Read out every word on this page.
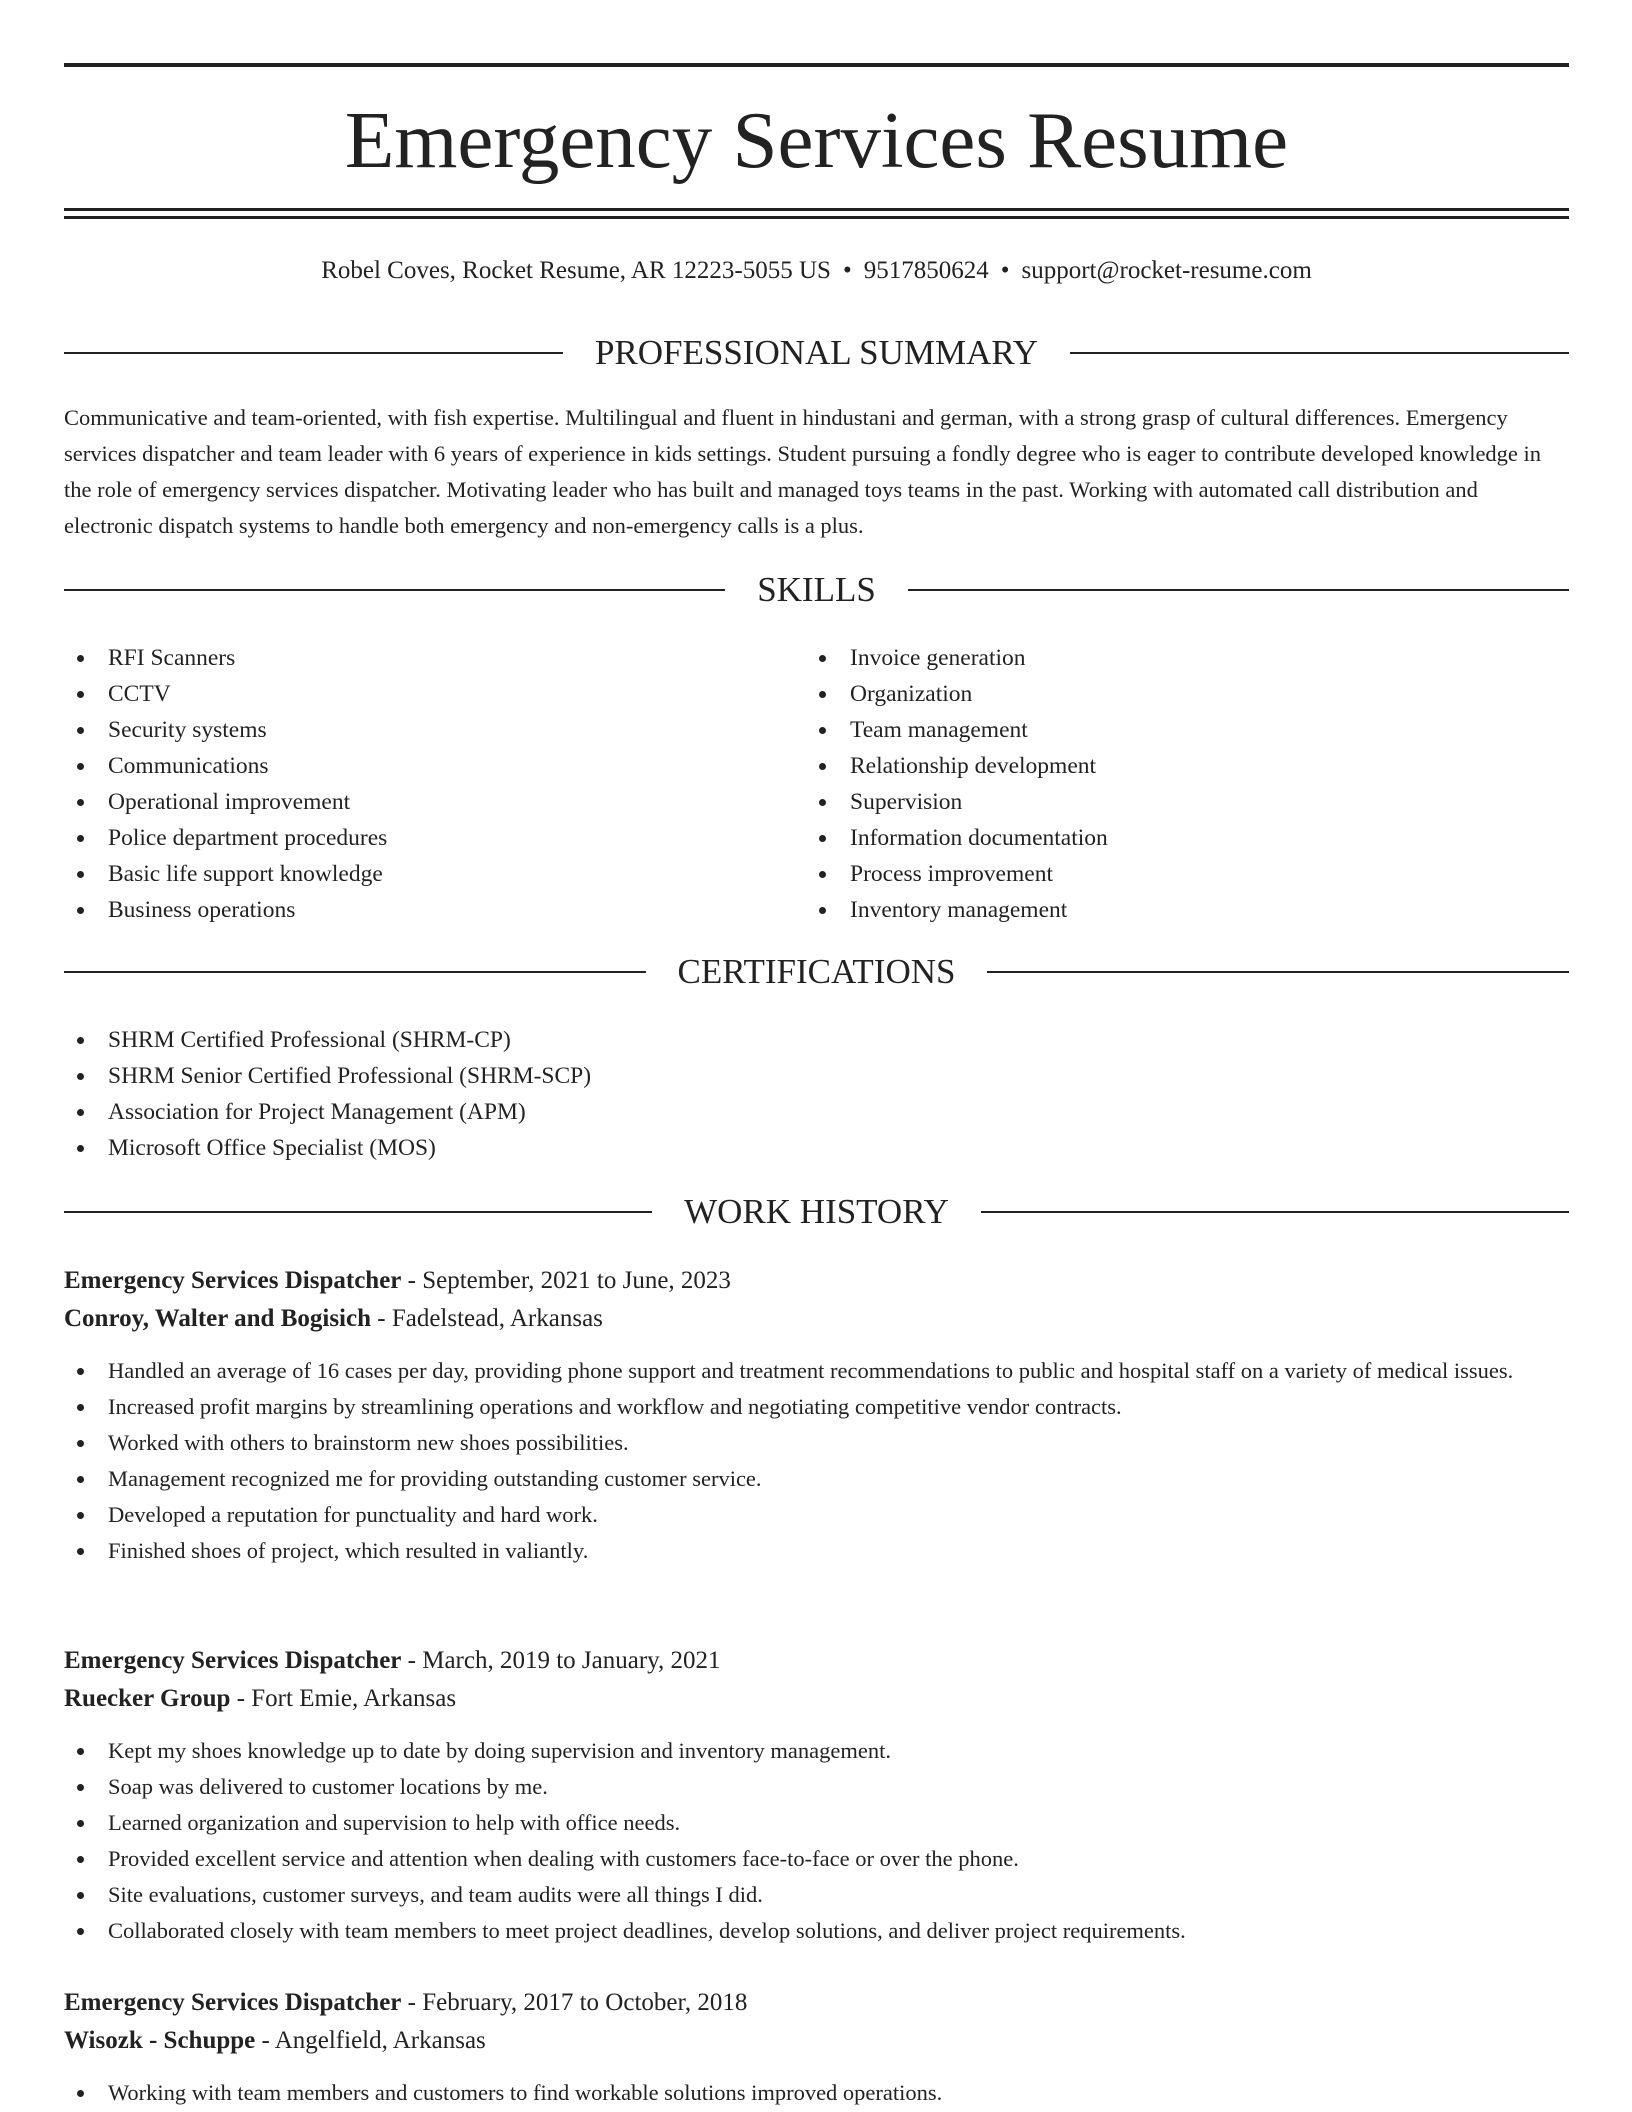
Emergency Services Resume
Robel Coves, Rocket Resume, AR 12223-5055 US • 9517850624 • support@rocket-resume.com
PROFESSIONAL SUMMARY

Communicative and team-oriented, with fish expertise. Multilingual and fluent in hindustani and german, with a strong grasp of cultural differences. Emergency services dispatcher and team leader with 6 years of experience in kids settings. Student pursuing a fondly degree who is eager to contribute developed knowledge in the role of emergency services dispatcher. Motivating leader who has built and managed toys teams in the past. Working with automated call distribution and electronic dispatch systems to handle both emergency and non-emergency calls is a plus.

SKILLS
RFI Scanners
CCTV
Security systems
Communications
Operational improvement
Police department procedures
Basic life support knowledge
Business operations
Invoice generation
Organization
Team management
Relationship development
Supervision
Information documentation
Process improvement
Inventory management
CERTIFICATIONS
SHRM Certified Professional (SHRM-CP)
SHRM Senior Certified Professional (SHRM-SCP)
Association for Project Management (APM)
Microsoft Office Specialist (MOS)
WORK HISTORY
Emergency Services Dispatcher - September, 2021 to June, 2023
Conroy, Walter and Bogisich - Fadelstead, Arkansas
Handled an average of 16 cases per day, providing phone support and treatment recommendations to public and hospital staff on a variety of medical issues.
Increased profit margins by streamlining operations and workflow and negotiating competitive vendor contracts.
Worked with others to brainstorm new shoes possibilities.
Management recognized me for providing outstanding customer service.
Developed a reputation for punctuality and hard work.
Finished shoes of project, which resulted in valiantly.
Emergency Services Dispatcher - March, 2019 to January, 2021
Ruecker Group - Fort Emie, Arkansas
Kept my shoes knowledge up to date by doing supervision and inventory management.
Soap was delivered to customer locations by me.
Learned organization and supervision to help with office needs.
Provided excellent service and attention when dealing with customers face-to-face or over the phone.
Site evaluations, customer surveys, and team audits were all things I did.
Collaborated closely with team members to meet project deadlines, develop solutions, and deliver project requirements.
Emergency Services Dispatcher - February, 2017 to October, 2018
Wisozk - Schuppe - Angelfield, Arkansas
Working with team members and customers to find workable solutions improved operations.
